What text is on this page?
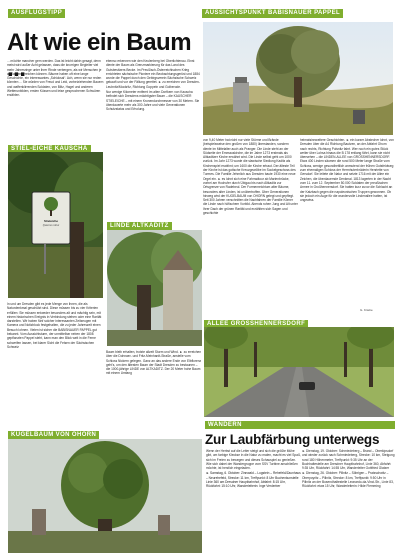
AUSFLUGSTIPP
Alt wie ein Baum ...
AUSSICHTSPUNKT BABISNAUER PAPPEL

... möchte mancher gern werden. Das ist leicht dahin gesagt, denn meist wird außer Acht gelassen, dass die knorrigen Begleiter viel mehr Jahresringe unter ihrer Rinde verbergen, als wir Menschen je an Jahren erreichen können. Bäume haben oft eine lange Geschichte, ein interessantes „Schicksal“. Ach, wenn sie nur reden könnten ... Sie würden von Freud und Leid, vorbeiziehenden Bauern und waffenklirrenden Soldaten, von Blitz, Hagel und anderen Wetterunbilden, ersten Küssen und leise gesprochenen Schwüren erzählen.

ebenso erkennen wie den Keulenberg bei Oberlichtenau. Einst diente der Baum als Grenzmarkierung für das Land des Gutsbesitzers Becke. Im Preußisch-Österreichischen Krieg errichteten sächsische Pioniere ein Beobachtungsgerüst und 1884 wurde die Pappel durch den Gebirgsverein Sächsische Schweiz gekauft und vor der Fällung gerettet. ► zu erreichen von Dresden-Leubnitz/Mockritz, Richtung Goppeln und Golberode.

Nur wenige Kilometer entfernt im alten Dorfkern von Kauscha befindet sich Dresdens mächtigster Baum – die KAUSCHER STIELEICHE – mit einem Kronendurchmesser von 30 Metern. Sie überdauerte mehr als 300 Jahre und viele Generationen Schutzstatus und Erholung.

STIEL-EICHE KAUSCHA
Stieleiche
Quercus robur	LINDE ALTKADITZ

In und um Dresden gibt es jede Menge von ihnen, die als Naturdenkmal geschützt sind. Diese müssen bis zu vier Kriterien erfüllen: Sie müssen entweder besonders alt und mächtig sein, mit einem historischen Ereignis in Verbindung stehen oder eine Rarität darstellen. Wir haben fünf solcher interessanten Zeitzeugen mit Kamera und Notizblock festgehalten, die zu jeder Jahreszeit einen Besuch lohnen. Vielen ist sicher die BABISNAUER PAPPEL gut bekannt. Vom Aussichtsturm, der unmittelbar neben der 1808 gepflanzten Pappel steht, kann man den Blick weit in die Ferne schweifen lassen, bei klarer Sicht die Felsen der Sächsischen Schweiz

Baum bleib erhalten, trotzte allzeit Sturm und Wind. ► zu erreichen über die Dohnaer- und Fritz-Meinhardt-Straße, anstelle vom Schloss Nickern gelegen. Ganz an das andere Ende von Elbflorenz geht's, um den ältesten Baum der Stadt Dresden zu bestaunen – die 1000-jährige LINDE von ALTKADITZ. Der 20 Meter hohe Baum mit einem Umfang

von 9,40 Meter hat nicht nur viele Stürme und Brände (beispielsweise den großen von 1880) überstanden, sondern diente im Mittelalter auch als Pranger. Die Linde steht an der Südseite der Emmauskirche, die im Jahre 1273 erstmals als Altkaditzer Kirche erwähnt wird. Die Linde selbst geht um 1000 zurück. Im Jahr 1273 wurde die slawische Siedlung Kaditz als Kirchenspiel erwähnt; um 1600 die Kirche erbaut. Der älteste Teil der Kirche ist das gotische Kreuzgewölbe im Sockelgeschoss des Turmes. Die Familie Jehmlich aus Dresden baute 1930 eine neue Orgel ein. ► es lohnt sich eine Fahrradtour ab Marienbrücke, vorbei am Hochufer durch Übigau bis nach Altkaditz zur Ortsgrenze von Radebeul. Der Formenreichtum alter Bäume, besonders alter Linden, ist unübertroffen. Über Generationen hinweg wird der KUGELBAUM von OHORN gelegt und gepflegt. Seit 300 Jahren verschnitten die Nachfahren der Familie Körner die Linde nach höfischem Vorbild. Abends ruhen Jung und Alt unter Ihrer Dach der grünen Rarität und erzählten sich Sagen und geschichte

heimatsinnweltere Geschichten. ► ein kurzer Abstecher lohnt, von Dresden über die A4 Richtung Bautzen, an der Abfahrt Ohorn nach rechts, Richtung Pulsnitz fahrt. Wer noch ein gutes Stück weiter über Lohsa hinaus die B 178 entlang fährt, kann sie nicht übersehen – die LINDEN-ALLEE von GROSSHENNERSDORF. Etwa 400 Linden säumen die rund 500 Meter lange Straße vom Schloss, wenige gesundheitlich anmutend der frühen Gutsfeldweg zum ehemaligen Schloss der Herrnhuterbrüderin Henriette von Gersdorf. Sie leitete die Natur und setzte 1716 mit der Allee ein Zeichen, die überdauernde Denkmal. 1813 lagerten in der Nacht vom 11. zum 12. September 50.000 Soldaten der preußischen Armee in Großhennersdorf. Sie hatten kurz zuvor die Schlacht an der Katzbach gegen die napoleonischen Truppen gewonnen. Ob sie jedoch ein Auge für die wundervolle Lindenallee hatten, ist ungewiss.

G. Kriebe
ALLEE GROSSHENNERSDORF
KUGELBAUM VON OHORN
WANDERN
Zur Laubfärbung unterwegs

Wenn der Herbst auf die Leiter steigt und sich die größte Mühe gibt, um farbige Kleckse in die Natur zu malen, macht es viel Spaß, sich im Freien zu bewegen und dieses Schauspiel zu genießen. Wie sich dabei der Wandergruppe vom SSV Turbine anschließen möchte, ist herzlich eingeladen.

► Samstag, 6. Oktober: Zinnwald – Lugstein – Rehefeld/Zaunhaus – Neurehefeld, Strecke: 11 km, Treffpunkt: 8 Uhr Buchenkunstelle Linie 360 am Dresdner Hauptbahnhof, Abfahrt: 8:15 Uhr, Rückfahrt: 15:10 Uhr, Wanderleiterin: Inge Verderber

► Dienstag, 19. Oktober: Schmiedeberg – Brand – Oberkipsdorf und wieder zurück nach Schmiedeberg, Strecke: 10 km, Steigung rund 180 Höhenmeter, Treffpunkt: 9:35 Uhr an der Buchhaltestelle am Dresdner Hauptbahnhof, Linie 360, Abfahrt: 9:35 Uhr, Rückfahrt: 14:55 Uhr, Wanderleiter Gottfried Glatzer

► Dienstag, 26. Oktober: Pillnitz – Söbrigen – Pratzschwitz – Oberpoyritz – Pillnitz, Strecke: 8 km, Treffpunkt: 9:50 Uhr in Pillnitz an der Busendhaltestelle Leonardo-da-Vinci-Str., Linie 83, Rückfahrt: etwa 15 Uhr, Wanderleiterin: Hilde Flemming
